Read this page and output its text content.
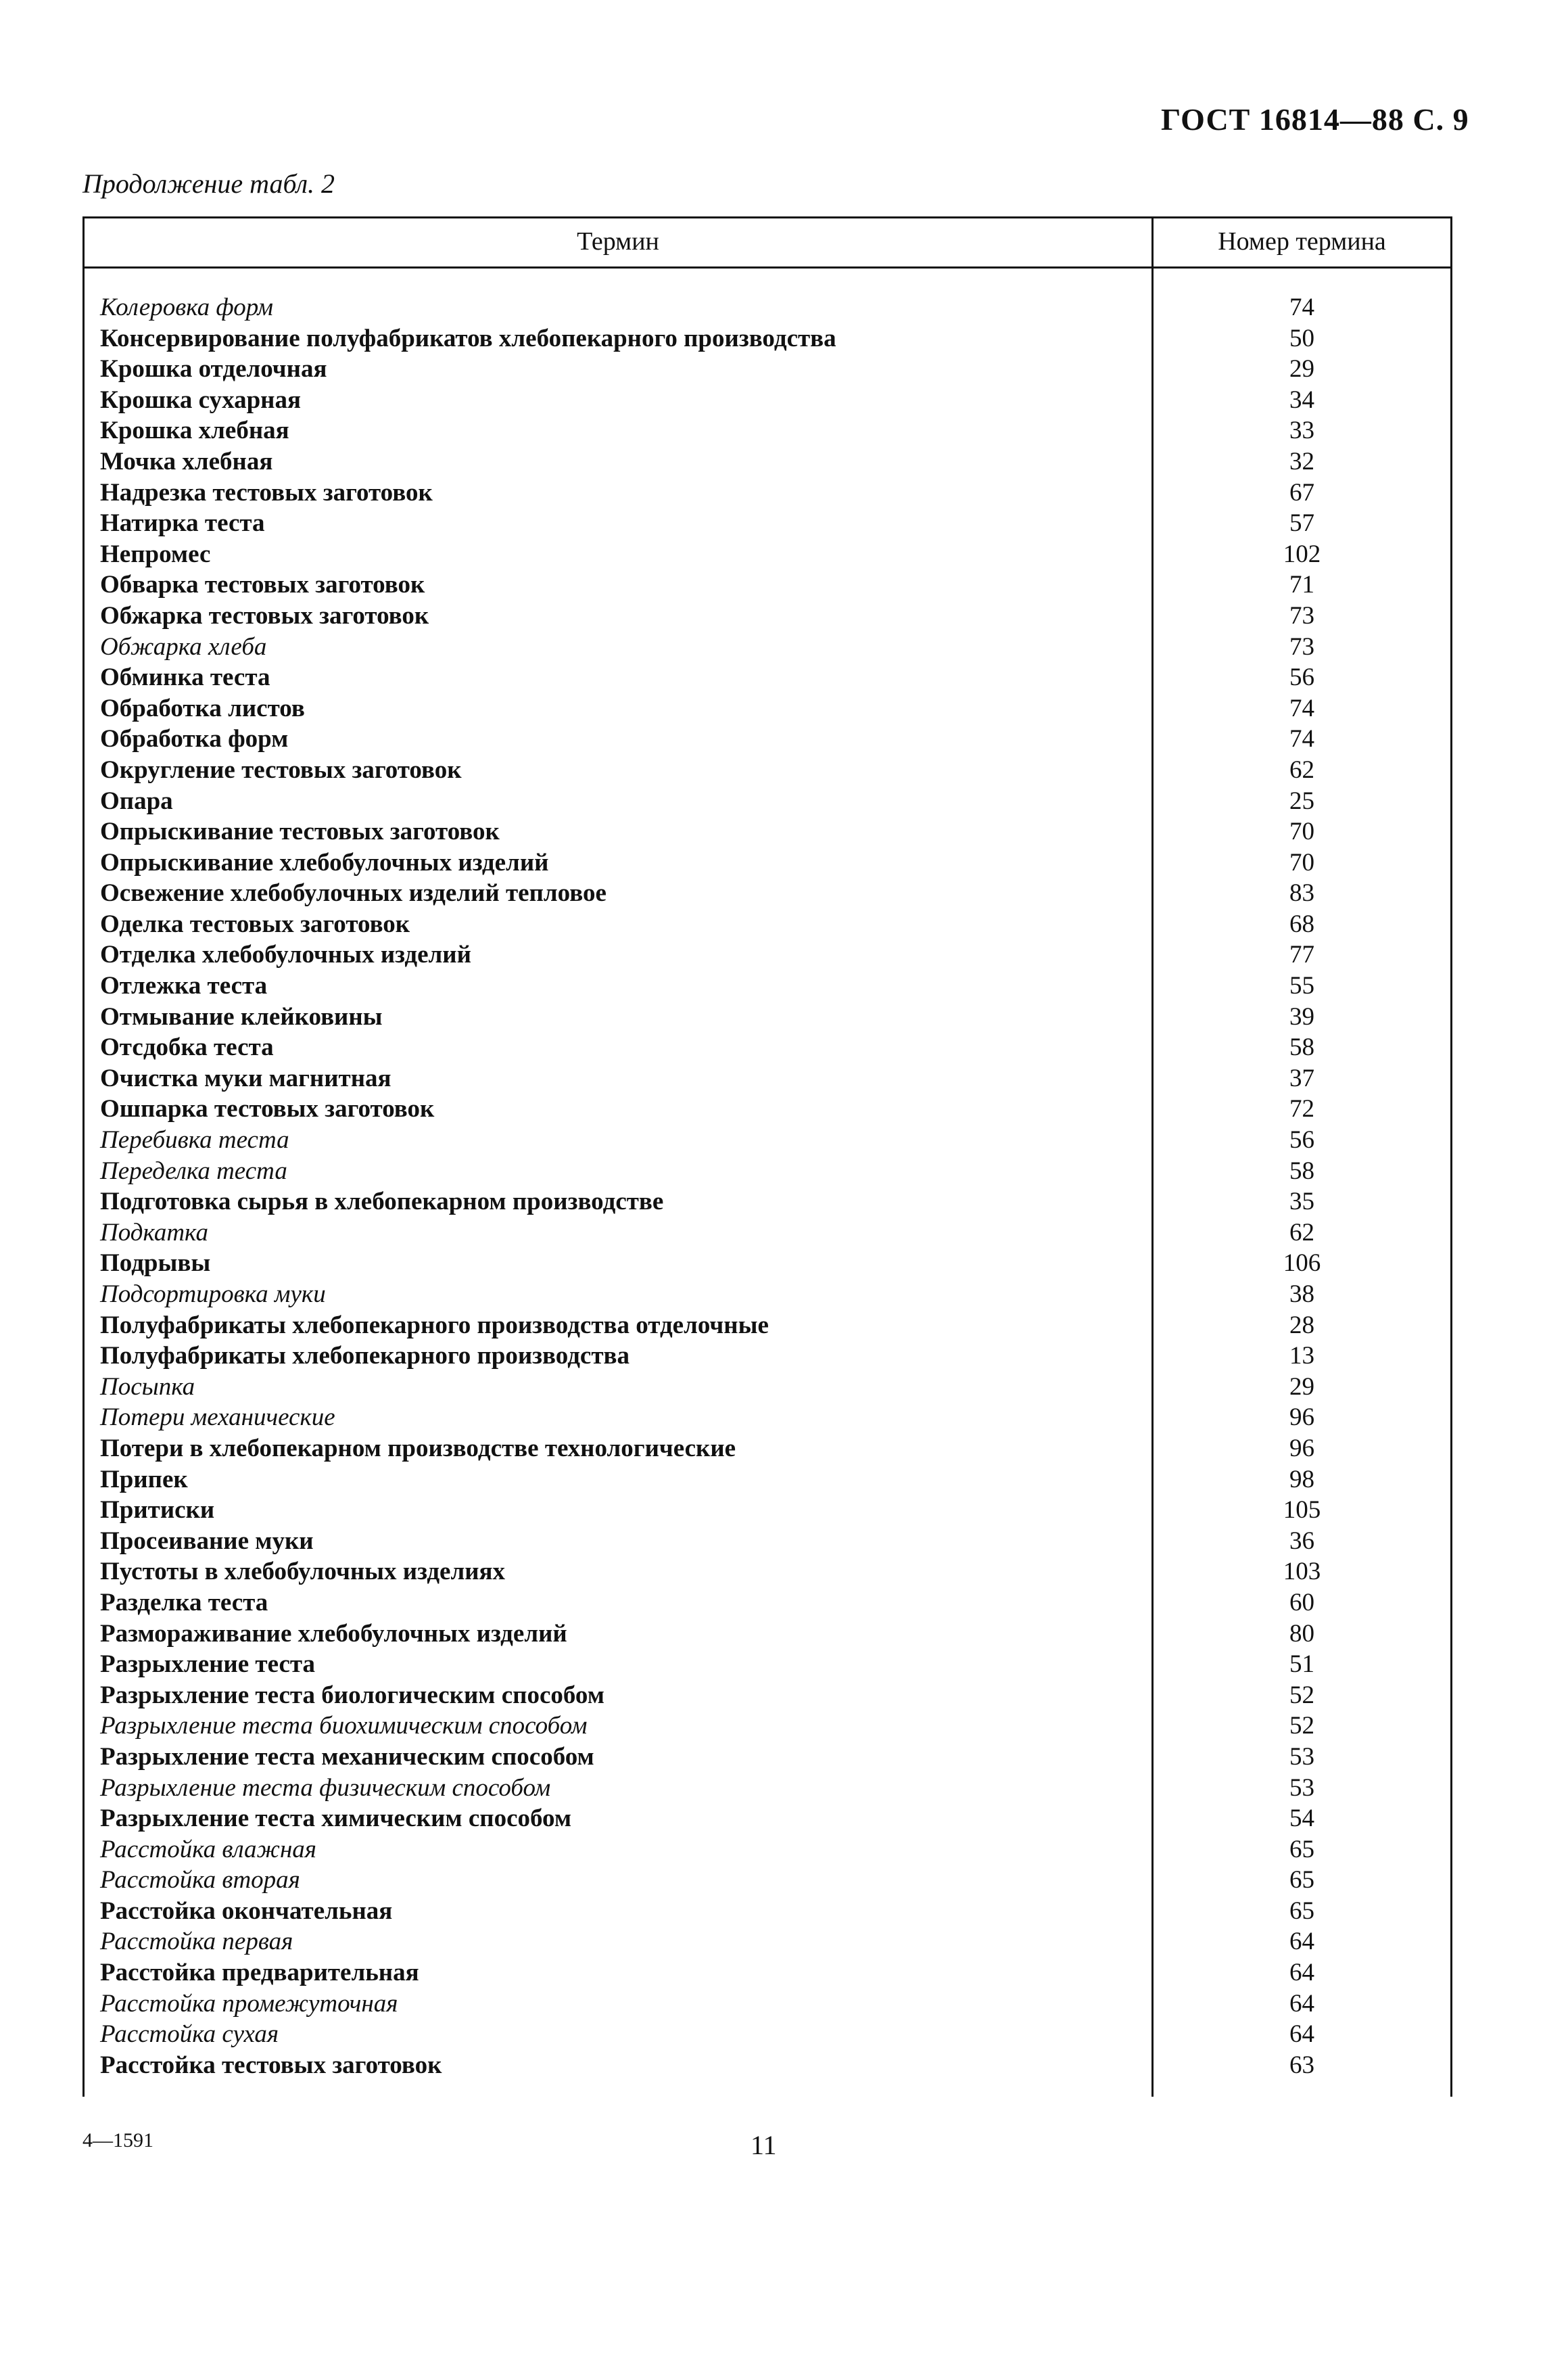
ГОСТ 16814—88 С. 9
Продолжение табл. 2
Термин	Номер термина
Колеровка форм	74
Консервирование полуфабрикатов хлебопекарного производства	50
Крошка отделочная	29
Крошка сухарная	34
Крошка хлебная	33
Мочка хлебная	32
Надрезка тестовых заготовок	67
Натирка теста	57
Непромес	102
Обварка тестовых заготовок	71
Обжарка тестовых заготовок	73
Обжарка хлеба	73
Обминка теста	56
Обработка листов	74
Обработка форм	74
Округление тестовых заготовок	62
Опара	25
Опрыскивание тестовых заготовок	70
Опрыскивание хлебобулочных изделий	70
Освежение хлебобулочных изделий тепловое	83
Оделка тестовых заготовок	68
Отделка хлебобулочных изделий	77
Отлежка теста	55
Отмывание клейковины	39
Отсдобка теста	58
Очистка муки магнитная	37
Ошпарка тестовых заготовок	72
Перебивка теста	56
Переделка теста	58
Подготовка сырья в хлебопекарном производстве	35
Подкатка	62
Подрывы	106
Подсортировка муки	38
Полуфабрикаты хлебопекарного производства отделочные	28
Полуфабрикаты хлебопекарного производства	13
Посыпка	29
Потери механические	96
Потери в хлебопекарном производстве технологические	96
Припек	98
Притиски	105
Просеивание муки	36
Пустоты в хлебобулочных изделиях	103
Разделка теста	60
Размораживание хлебобулочных изделий	80
Разрыхление теста	51
Разрыхление теста биологическим способом	52
Разрыхление теста биохимическим способом	52
Разрыхление теста механическим способом	53
Разрыхление теста физическим способом	53
Разрыхление теста химическим способом	54
Расстойка влажная	65
Расстойка вторая	65
Расстойка окончательная	65
Расстойка первая	64
Расстойка предварительная	64
Расстойка промежуточная	64
Расстойка сухая	64
Расстойка тестовых заготовок	63
4—1591	11
